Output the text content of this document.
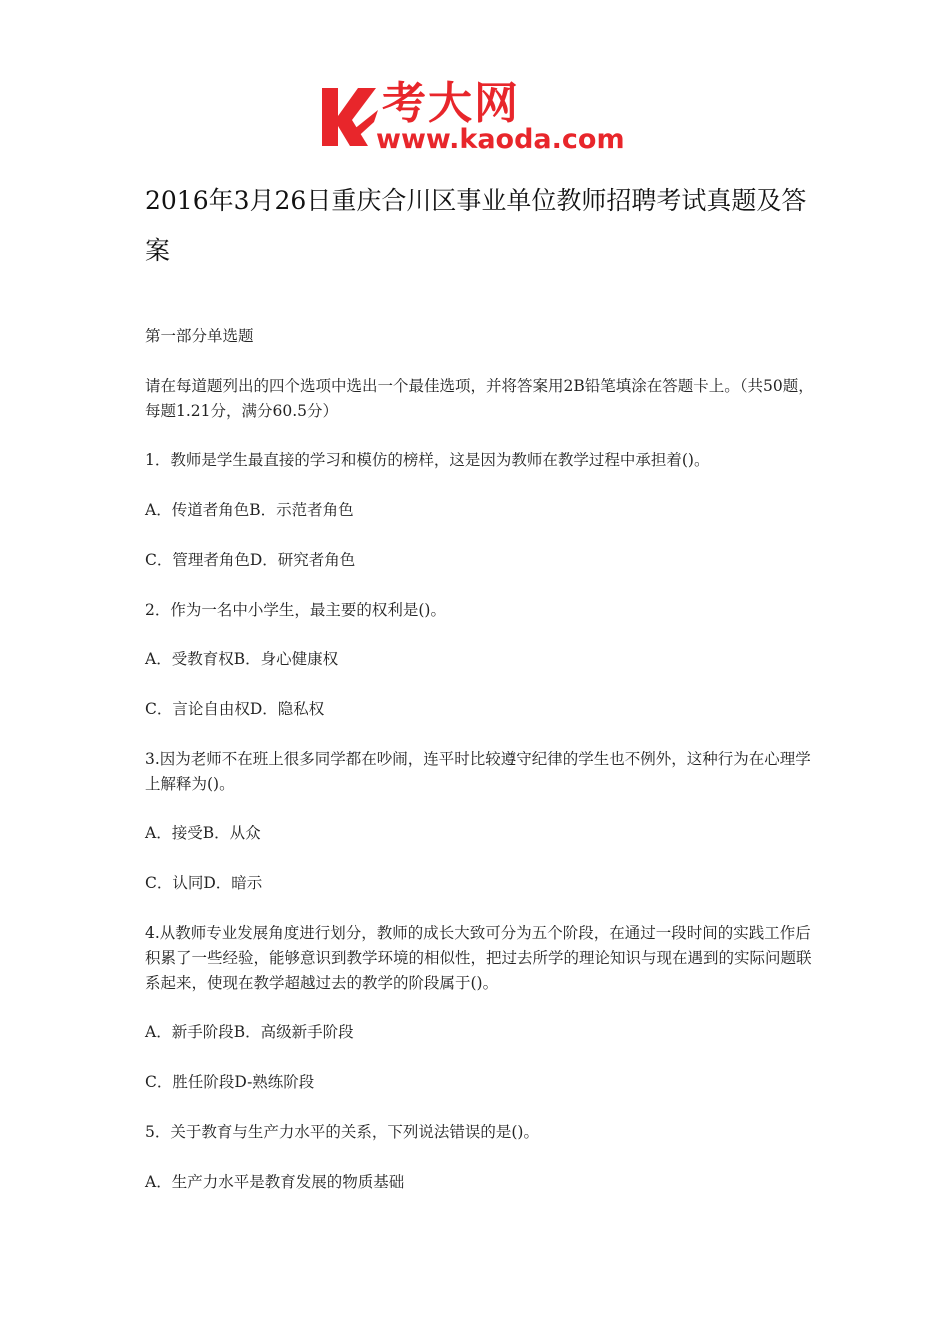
考大网
www.kaoda.com
2016年3月26日重庆合川区事业单位教师招聘考试真题及答案
第一部分单选题
请在每道题列出的四个选项中选出一个最佳选项，并将答案用2B铅笔填涂在答题卡上。（共50题，每题1.21分，满分60.5分）
1．教师是学生最直接的学习和模仿的榜样，这是因为教师在教学过程中承担着()。
A．传道者角色B．示范者角色
C．管理者角色D．研究者角色
2．作为一名中小学生，最主要的权利是()。
A．受教育权B．身心健康权
C．言论自由权D．隐私权
3.因为老师不在班上很多同学都在吵闹，连平时比较遵守纪律的学生也不例外，这种行为在心理学上解释为()。
A．接受B．从众
C．认同D．暗示
4.从教师专业发展角度进行划分，教师的成长大致可分为五个阶段，在通过一段时间的实践工作后积累了一些经验，能够意识到教学环境的相似性，把过去所学的理论知识与现在遇到的实际问题联系起来，使现在教学超越过去的教学的阶段属于()。
A．新手阶段B．高级新手阶段
C．胜任阶段D-熟练阶段
5．关于教育与生产力水平的关系，下列说法错误的是()。
A．生产力水平是教育发展的物质基础
